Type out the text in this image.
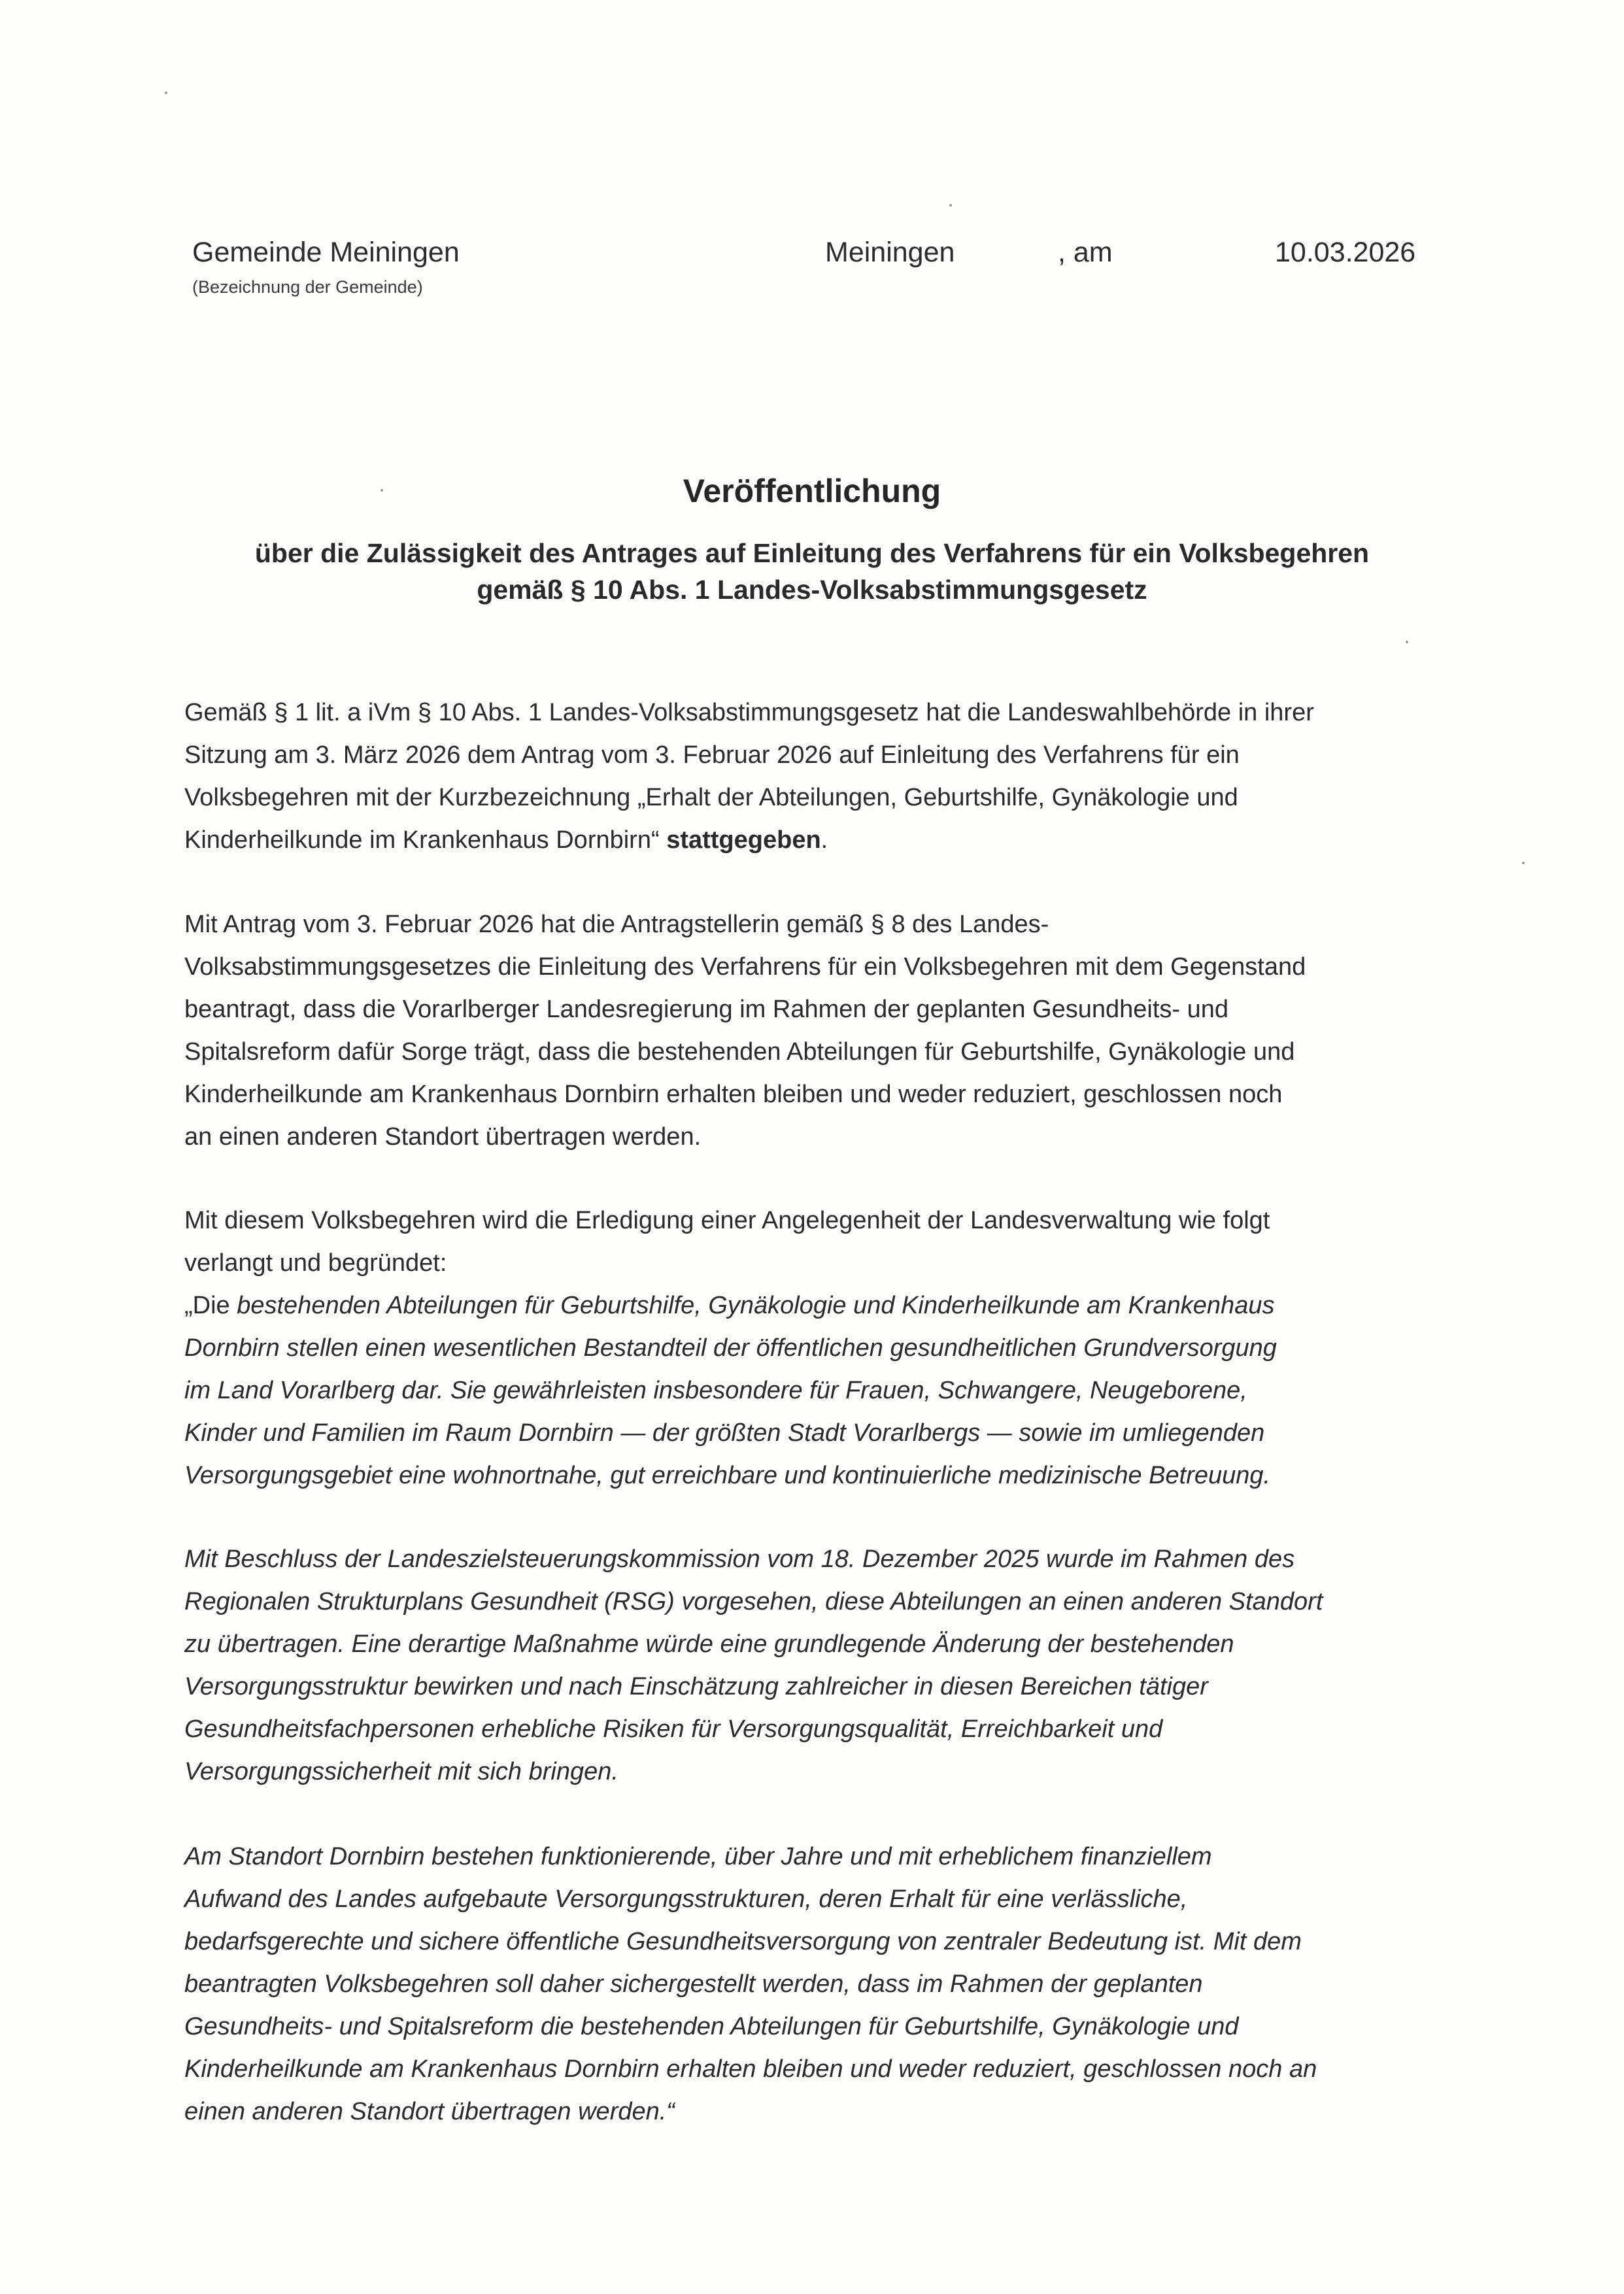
Gemeinde Meiningen
(Bezeichnung der Gemeinde)
Meiningen	, am	10.03.2026
Veröffentlichung
über die Zulässigkeit des Antrages auf Einleitung des Verfahrens für ein Volksbegehren
gemäß § 10 Abs. 1 Landes-Volksabstimmungsgesetz
Gemäß § 1 lit. a iVm § 10 Abs. 1 Landes-Volksabstimmungsgesetz hat die Landeswahlbehörde in ihrer
Sitzung am 3. März 2026 dem Antrag vom 3. Februar 2026 auf Einleitung des Verfahrens für ein
Volksbegehren mit der Kurzbezeichnung „Erhalt der Abteilungen, Geburtshilfe, Gynäkologie und
Kinderheilkunde im Krankenhaus Dornbirn“ stattgegeben.
Mit Antrag vom 3. Februar 2026 hat die Antragstellerin gemäß § 8 des Landes-
Volksabstimmungsgesetzes die Einleitung des Verfahrens für ein Volksbegehren mit dem Gegenstand
beantragt, dass die Vorarlberger Landesregierung im Rahmen der geplanten Gesundheits- und
Spitalsreform dafür Sorge trägt, dass die bestehenden Abteilungen für Geburtshilfe, Gynäkologie und
Kinderheilkunde am Krankenhaus Dornbirn erhalten bleiben und weder reduziert, geschlossen noch
an einen anderen Standort übertragen werden.
Mit diesem Volksbegehren wird die Erledigung einer Angelegenheit der Landesverwaltung wie folgt
verlangt und begründet:
„Die bestehenden Abteilungen für Geburtshilfe, Gynäkologie und Kinderheilkunde am Krankenhaus
Dornbirn stellen einen wesentlichen Bestandteil der öffentlichen gesundheitlichen Grundversorgung
im Land Vorarlberg dar. Sie gewährleisten insbesondere für Frauen, Schwangere, Neugeborene,
Kinder und Familien im Raum Dornbirn — der größten Stadt Vorarlbergs — sowie im umliegenden
Versorgungsgebiet eine wohnortnahe, gut erreichbare und kontinuierliche medizinische Betreuung.
Mit Beschluss der Landeszielsteuerungskommission vom 18. Dezember 2025 wurde im Rahmen des
Regionalen Strukturplans Gesundheit (RSG) vorgesehen, diese Abteilungen an einen anderen Standort
zu übertragen. Eine derartige Maßnahme würde eine grundlegende Änderung der bestehenden
Versorgungsstruktur bewirken und nach Einschätzung zahlreicher in diesen Bereichen tätiger
Gesundheitsfachpersonen erhebliche Risiken für Versorgungsqualität, Erreichbarkeit und
Versorgungssicherheit mit sich bringen.
Am Standort Dornbirn bestehen funktionierende, über Jahre und mit erheblichem finanziellem
Aufwand des Landes aufgebaute Versorgungsstrukturen, deren Erhalt für eine verlässliche,
bedarfsgerechte und sichere öffentliche Gesundheitsversorgung von zentraler Bedeutung ist. Mit dem
beantragten Volksbegehren soll daher sichergestellt werden, dass im Rahmen der geplanten
Gesundheits- und Spitalsreform die bestehenden Abteilungen für Geburtshilfe, Gynäkologie und
Kinderheilkunde am Krankenhaus Dornbirn erhalten bleiben und weder reduziert, geschlossen noch an
einen anderen Standort übertragen werden.“
